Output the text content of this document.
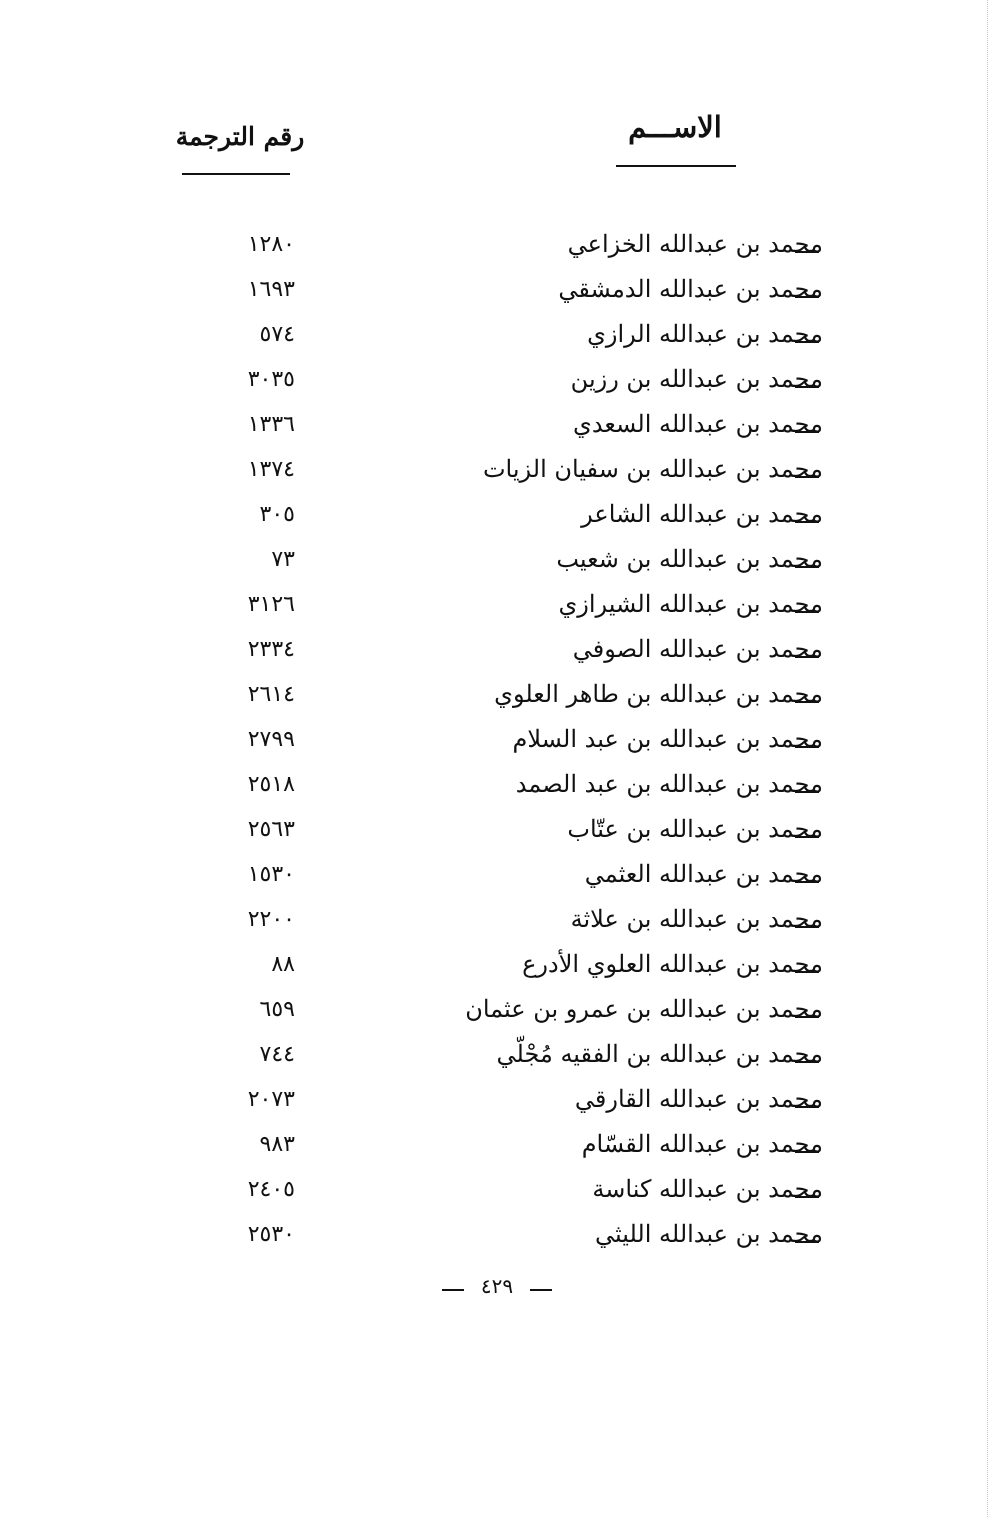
الاســـم
رقم الترجمة
محمد بن عبدالله الخزاعي
١٢٨٠
محمد بن عبدالله الدمشقي
١٦٩٣
محمد بن عبدالله الرازي
٥٧٤
محمد بن عبدالله بن رزين
٣٠٣٥
محمد بن عبدالله السعدي
١٣٣٦
محمد بن عبدالله بن سفيان الزيات
١٣٧٤
محمد بن عبدالله الشاعر
٣٠٥
محمد بن عبدالله بن شعيب
٧٣
محمد بن عبدالله الشيرازي
٣١٢٦
محمد بن عبدالله الصوفي
٢٣٣٤
محمد بن عبدالله بن طاهر العلوي
٢٦١٤
محمد بن عبدالله بن عبد السلام
٢٧٩٩
محمد بن عبدالله بن عبد الصمد
٢٥١٨
محمد بن عبدالله بن عتّاب
٢٥٦٣
محمد بن عبدالله العثمي
١٥٣٠
محمد بن عبدالله بن علاثة
٢٢٠٠
محمد بن عبدالله العلوي الأدرع
٨٨
محمد بن عبدالله بن عمرو بن عثمان
٦٥٩
محمد بن عبدالله بن الفقيه مُجْلّي
٧٤٤
محمد بن عبدالله القارقي
٢٠٧٣
محمد بن عبدالله القسّام
٩٨٣
محمد بن عبدالله كناسة
٢٤٠٥
محمد بن عبدالله الليثي
٢٥٣٠
٤٢٩
